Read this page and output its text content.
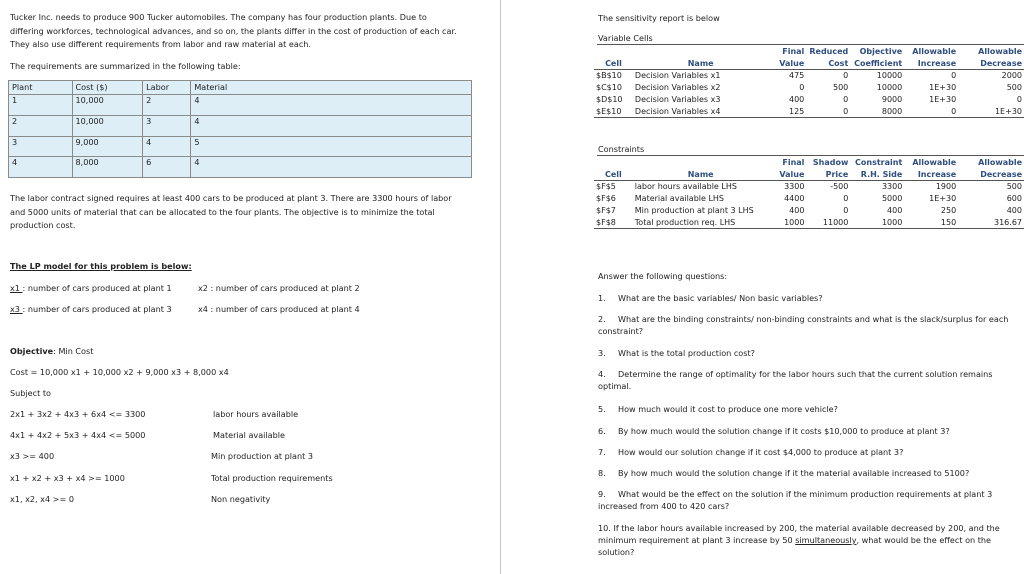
Tucker Inc. needs to produce 900 Tucker automobiles. The company has four production plants. Due to differing workforces, technological advances, and so on, the plants differ in the cost of production of each car. They also use different requirements from labor and raw material at each.

The requirements are summarized in the following table:

Plant	Cost ($)	Labor	Material
1	10,000	2	4
2	10,000	3	4
3	9,000	4	5
4	8,000	6	4

The labor contract signed requires at least 400 cars to be produced at plant 3. There are 3300 hours of labor and 5000 units of material that can be allocated to the four plants. The objective is to minimize the total production cost.

The LP model for this problem is below:

x1 : number of cars produced at plant 1	x2 : number of cars produced at plant 2
x3 : number of cars produced at plant 3	x4 : number of cars produced at plant 4
Objective: Min Cost
Cost = 10,000 x1 + 10,000 x2 + 9,000 x3 + 8,000 x4
Subject to
2x1 + 3x2 + 4x3 + 6x4 <= 3300	labor hours available
4x1 + 4x2 + 5x3 + 4x4 <= 5000	Material available
x3 >= 400	Min production at plant 3
x1 + x2 + x3 + x4 >= 1000	Total production requirements
x1, x2, x4 >= 0	Non negativity
The sensitivity report is below
Variable Cells
		Final	Reduced	Objective	Allowable	Allowable
Cell	Name	Value	Cost	Coefficient	Increase	Decrease
$B$10	Decision Variables x1	475	0	10000	0	2000
$C$10	Decision Variables x2	0	500	10000	1E+30	500
$D$10	Decision Variables x3	400	0	9000	1E+30	0
$E$10	Decision Variables x4	125	0	8000	0	1E+30
Constraints
		Final	Shadow	Constraint	Allowable	Allowable
Cell	Name	Value	Price	R.H. Side	Increase	Decrease
$F$5	labor hours available LHS	3300	-500	3300	1900	500
$F$6	Material available LHS	4400	0	5000	1E+30	600
$F$7	Min production at plant 3 LHS	400	0	400	250	400
$F$8	Total production req. LHS	1000	11000	1000	150	316.67
Answer the following questions:
1. What are the basic variables/ Non basic variables?
2. What are the binding constraints/ non-binding constraints and what is the slack/surplus for each constraint?
3. What is the total production cost?
4. Determine the range of optimality for the labor hours such that the current solution remains optimal.
5. How much would it cost to produce one more vehicle?
6. By how much would the solution change if it costs $10,000 to produce at plant 3?
7. How would our solution change if it cost $4,000 to produce at plant 3?
8. By how much would the solution change if it the material available increased to 5100?
9. What would be the effect on the solution if the minimum production requirements at plant 3 increased from 400 to 420 cars?
10. If the labor hours available increased by 200, the material available decreased by 200, and the minimum requirement at plant 3 increase by 50 simultaneously, what would be the effect on the solution?
